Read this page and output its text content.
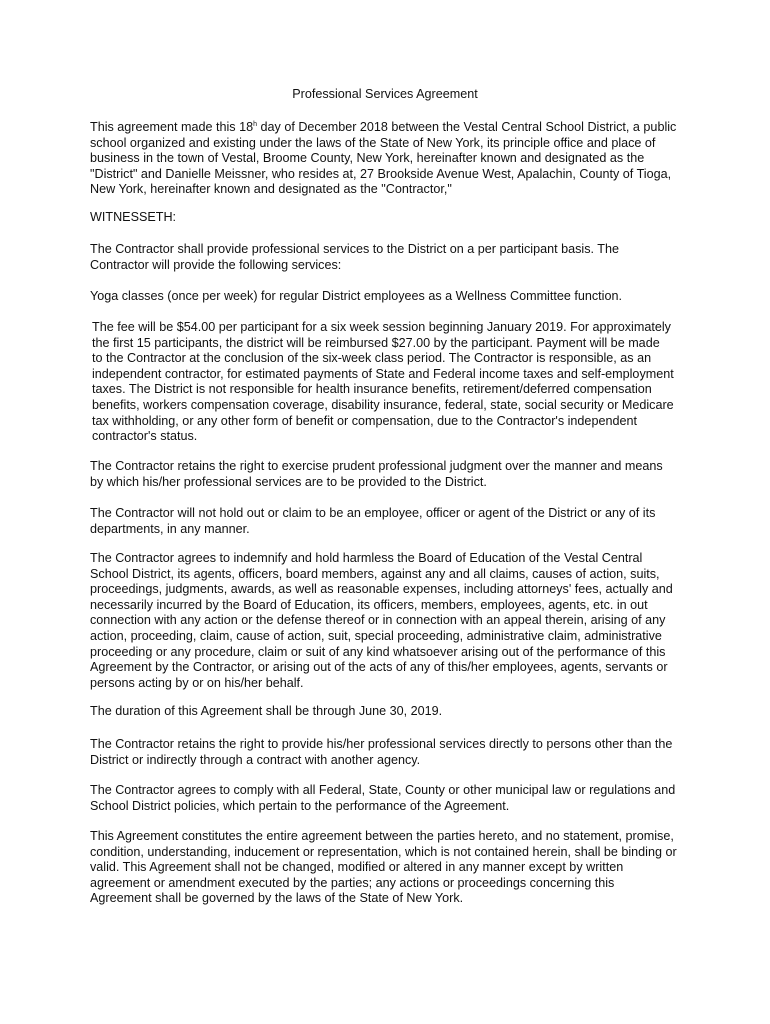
Professional Services Agreement
This agreement made this 18$^h$ day of December 2018 between the Vestal Central School District, a public
school organized and existing under the laws of the State of New York, its principle office and place of
business in the town of Vestal, Broome County, New York, hereinafter known and designated as the
"District" and Danielle Meissner, who resides at, 27 Brookside Avenue West, Apalachin, County of Tioga,
New York, hereinafter known and designated as the "Contractor,"
WITNESSETH:
The Contractor shall provide professional services to the District on a per participant basis. The
Contractor will provide the following services:
Yoga classes (once per week) for regular District employees as a Wellness Committee function.
The fee will be $54.00 per participant for a six week session beginning January 2019. For approximately
the first 15 participants, the district will be reimbursed $27.00 by the participant. Payment will be made
to the Contractor at the conclusion of the six-week class period. The Contractor is responsible, as an
independent contractor, for estimated payments of State and Federal income taxes and self-employment
taxes. The District is not responsible for health insurance benefits, retirement/deferred compensation
benefits, workers compensation coverage, disability insurance, federal, state, social security or Medicare
tax withholding, or any other form of benefit or compensation, due to the Contractor's independent
contractor's status.
The Contractor retains the right to exercise prudent professional judgment over the manner and means
by which his/her professional services are to be provided to the District.
The Contractor will not hold out or claim to be an employee, officer or agent of the District or any of its
departments, in any manner.
The Contractor agrees to indemnify and hold harmless the Board of Education of the Vestal Central
School District, its agents, officers, board members, against any and all claims, causes of action, suits,
proceedings, judgments, awards, as well as reasonable expenses, including attorneys' fees, actually and
necessarily incurred by the Board of Education, its officers, members, employees, agents, etc. in out
connection with any action or the defense thereof or in connection with an appeal therein, arising of any
action, proceeding, claim, cause of action, suit, special proceeding, administrative claim, administrative
proceeding or any procedure, claim or suit of any kind whatsoever arising out of the performance of this
Agreement by the Contractor, or arising out of the acts of any of this/her employees, agents, servants or
persons acting by or on his/her behalf.
The duration of this Agreement shall be through June 30, 2019.
The Contractor retains the right to provide his/her professional services directly to persons other than the
District or indirectly through a contract with another agency.
The Contractor agrees to comply with all Federal, State, County or other municipal law or regulations and
School District policies, which pertain to the performance of the Agreement.
This Agreement constitutes the entire agreement between the parties hereto, and no statement, promise,
condition, understanding, inducement or representation, which is not contained herein, shall be binding or
valid. This Agreement shall not be changed, modified or altered in any manner except by written
agreement or amendment executed by the parties; any actions or proceedings concerning this
Agreement shall be governed by the laws of the State of New York.
